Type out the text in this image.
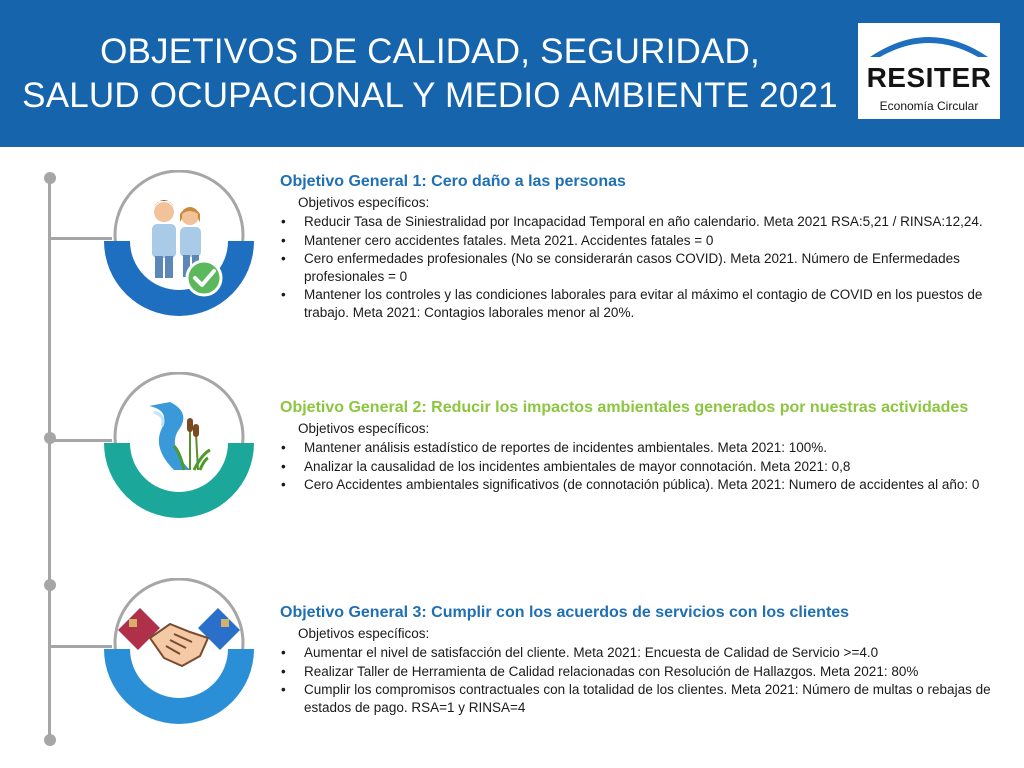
OBJETIVOS DE CALIDAD, SEGURIDAD,
SALUD OCUPACIONAL Y MEDIO AMBIENTE 2021	RESITER
Economía Circular
Objetivo General 1: Cero daño a las personas
Objetivos específicos:
• Reducir Tasa de Siniestralidad por Incapacidad Temporal en año calendario. Meta 2021 RSA:5,21 / RINSA:12,24.
• Mantener cero accidentes fatales. Meta 2021. Accidentes fatales = 0
• Cero enfermedades profesionales (No se considerarán casos COVID). Meta 2021. Número de Enfermedades profesionales = 0
• Mantener los controles y las condiciones laborales para evitar al máximo el contagio de COVID en los puestos de trabajo. Meta 2021: Contagios laborales menor al 20%.
Objetivo General 2: Reducir los impactos ambientales generados por nuestras actividades
Objetivos específicos:
• Mantener análisis estadístico de reportes de incidentes ambientales. Meta 2021: 100%.
• Analizar la causalidad de los incidentes ambientales de mayor connotación. Meta 2021: 0,8
• Cero Accidentes ambientales significativos (de connotación pública). Meta 2021: Numero de accidentes al año: 0
Objetivo General 3: Cumplir con los acuerdos de servicios con los clientes
Objetivos específicos:
• Aumentar el nivel de satisfacción del cliente. Meta 2021: Encuesta de Calidad de Servicio >=4.0
• Realizar Taller de Herramienta de Calidad relacionadas con Resolución de Hallazgos. Meta 2021: 80%
• Cumplir los compromisos contractuales con la totalidad de los clientes. Meta 2021: Número de multas o rebajas de estados de pago. RSA=1 y RINSA=4
